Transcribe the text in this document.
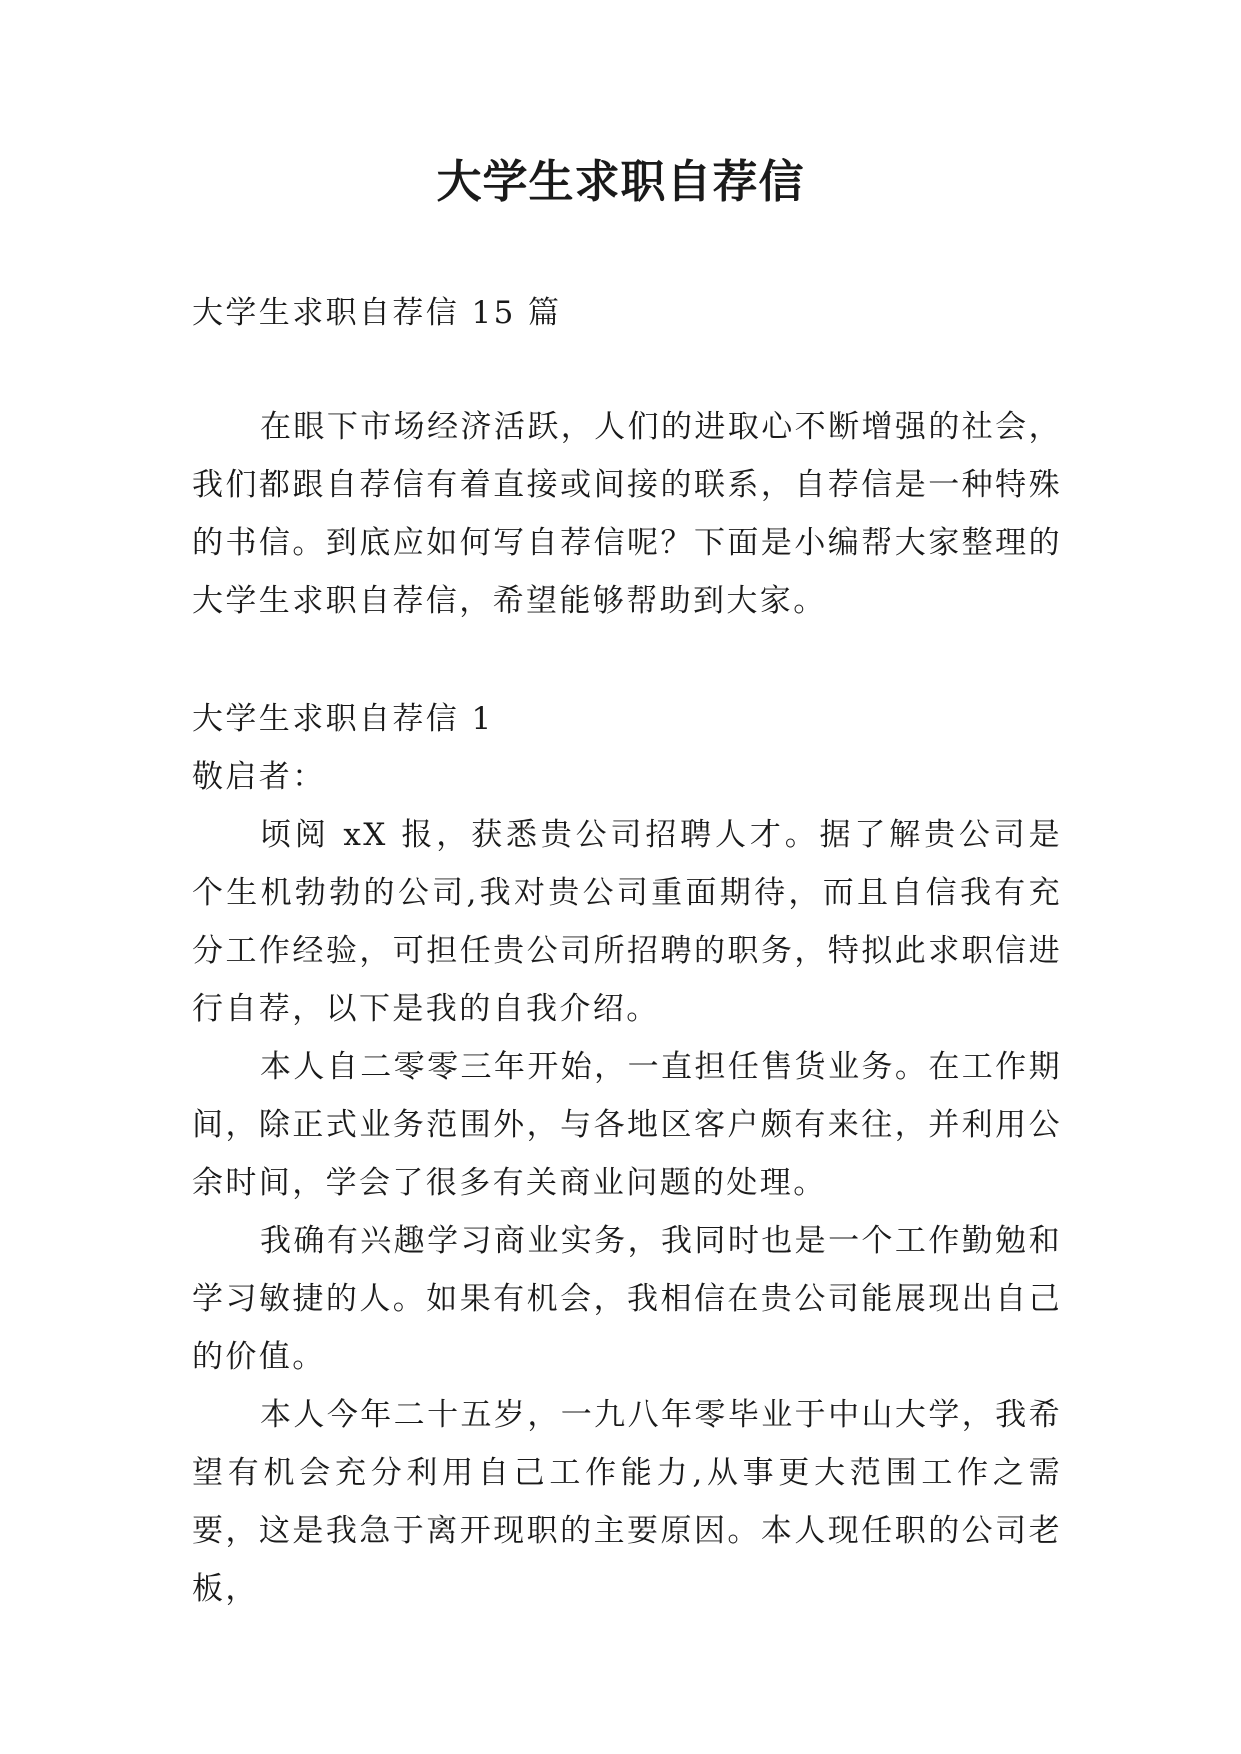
大学生求职自荐信

大学生求职自荐信 15 篇

在眼下市场经济活跃，人们的进取心不断增强的社会，我们都跟自荐信有着直接或间接的联系，自荐信是一种特殊的书信。到底应如何写自荐信呢？下面是小编帮大家整理的大学生求职自荐信，希望能够帮助到大家。

大学生求职自荐信 1

敬启者：

顷阅 xX 报，获悉贵公司招聘人才。据了解贵公司是个生机勃勃的公司,我对贵公司重面期待，而且自信我有充分工作经验，可担任贵公司所招聘的职务，特拟此求职信进行自荐，以下是我的自我介绍。

本人自二零零三年开始，一直担任售货业务。在工作期间，除正式业务范围外，与各地区客户颇有来往，并利用公余时间，学会了很多有关商业问题的处理。

我确有兴趣学习商业实务，我同时也是一个工作勤勉和学习敏捷的人。如果有机会，我相信在贵公司能展现出自己的价值。

本人今年二十五岁，一九八年零毕业于中山大学，我希望有机会充分利用自己工作能力,从事更大范围工作之需要，这是我急于离开现职的主要原因。本人现任职的公司老板，
